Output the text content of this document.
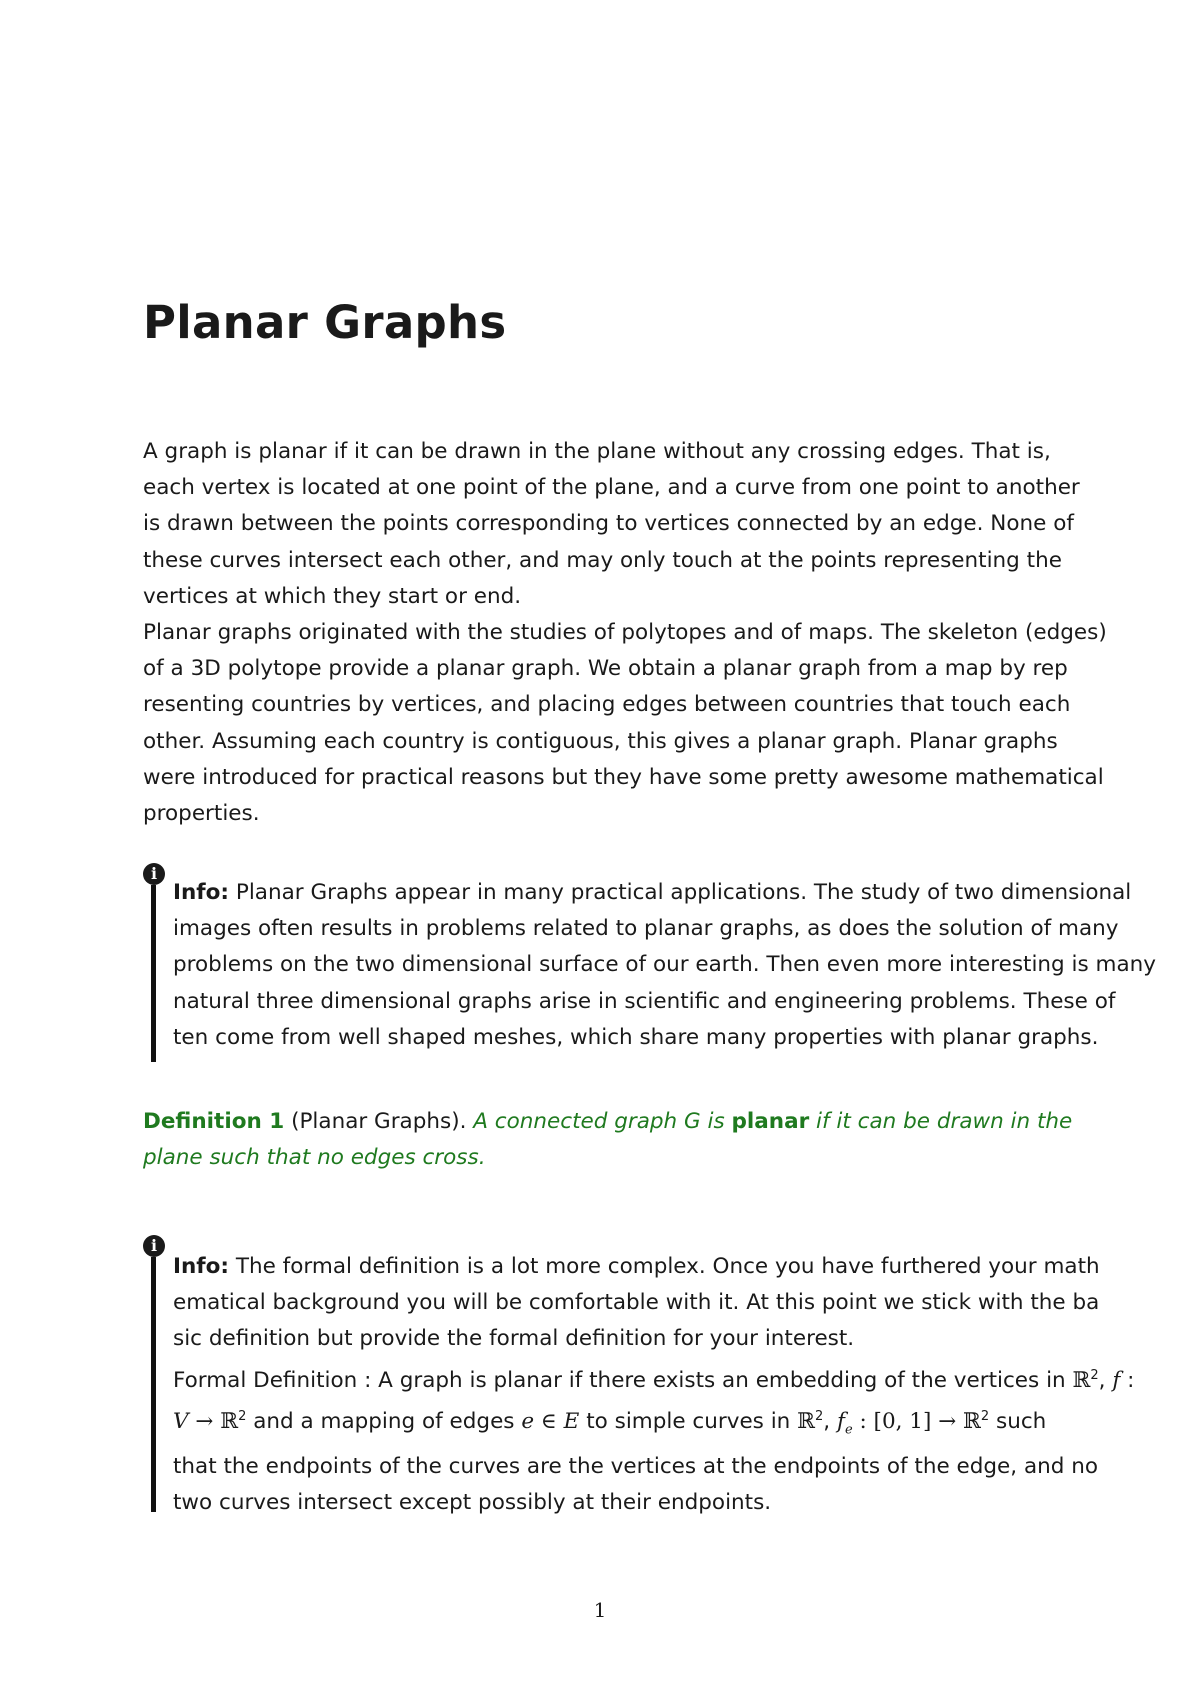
Planar Graphs
A graph is planar if it can be drawn in the plane without any crossing edges. That is,
each vertex is located at one point of the plane, and a curve from one point to another
is drawn between the points corresponding to vertices connected by an edge. None of
these curves intersect each other, and may only touch at the points representing the
vertices at which they start or end.
Planar graphs originated with the studies of polytopes and of maps. The skeleton (edges)
of a 3D polytope provide a planar graph. We obtain a planar graph from a map by rep
resenting countries by vertices, and placing edges between countries that touch each
other. Assuming each country is contiguous, this gives a planar graph. Planar graphs
were introduced for practical reasons but they have some pretty awesome mathematical
properties.
i
Info: Planar Graphs appear in many practical applications. The study of two dimensional
images often results in problems related to planar graphs, as does the solution of many
problems on the two dimensional surface of our earth. Then even more interesting is many
natural three dimensional graphs arise in scientific and engineering problems. These of
ten come from well shaped meshes, which share many properties with planar graphs.
Definition 1 (Planar Graphs). A connected graph G is planar if it can be drawn in the
plane such that no edges cross.
i
Info: The formal definition is a lot more complex. Once you have furthered your math
ematical background you will be comfortable with it. At this point we stick with the ba
sic definition but provide the formal definition for your interest.
Formal Definition : A graph is planar if there exists an embedding of the vertices in ℝ$^2$, f :
V → ℝ$^2$ and a mapping of edges e ∈ E to simple curves in ℝ$^2$, $f_e$ : [0, 1] → ℝ$^2$ such
that the endpoints of the curves are the vertices at the endpoints of the edge, and no
two curves intersect except possibly at their endpoints.
1
